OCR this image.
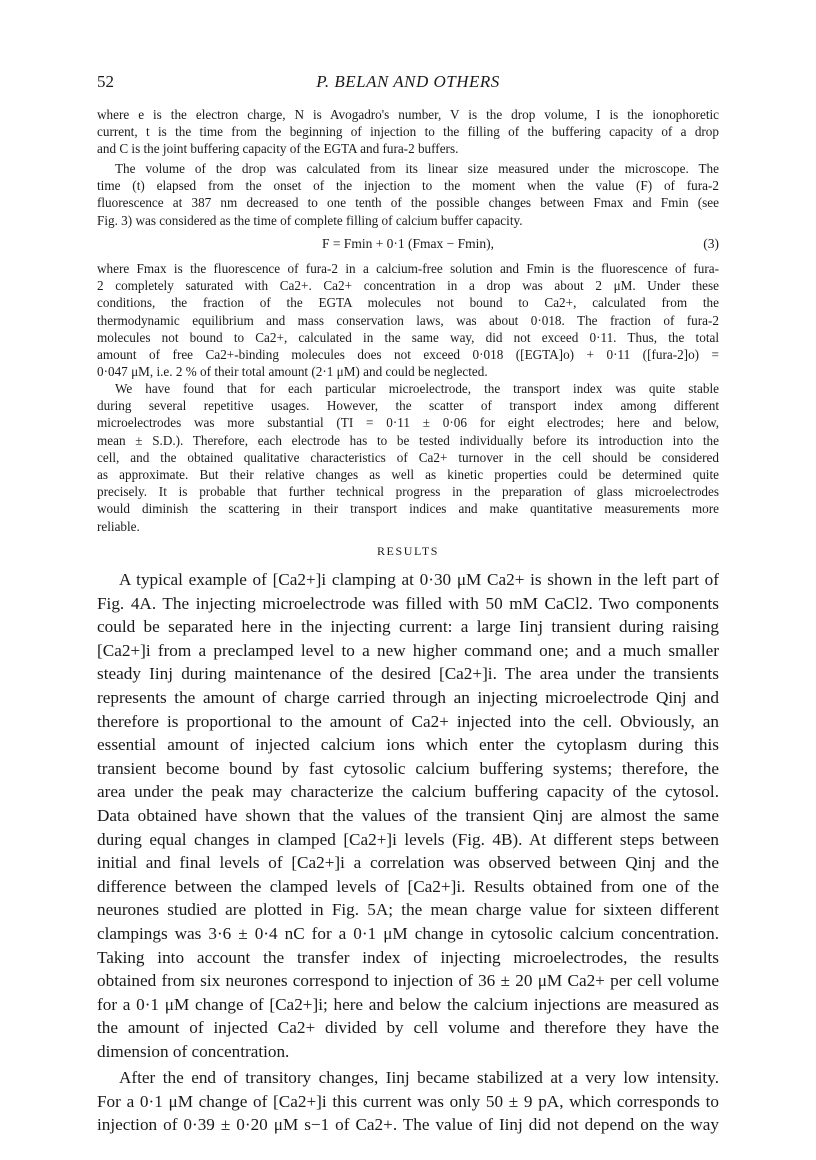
52	P. BELAN AND OTHERS
where e is the electron charge, N is Avogadro's number, V is the drop volume, I is the ionophoretic
current, t is the time from the beginning of injection to the filling of the buffering capacity of a drop
and C is the joint buffering capacity of the EGTA and fura-2 buffers.
The volume of the drop was calculated from its linear size measured under the microscope. The
time (t) elapsed from the onset of the injection to the moment when the value (F) of fura-2
fluorescence at 387 nm decreased to one tenth of the possible changes between Fmax and Fmin (see
Fig. 3) was considered as the time of complete filling of calcium buffer capacity.
F = Fmin + 0·1 (Fmax − Fmin),	(3)
where Fmax is the fluorescence of fura-2 in a calcium-free solution and Fmin is the fluorescence of fura-
2 completely saturated with Ca2+. Ca2+ concentration in a drop was about 2 μM. Under these
conditions, the fraction of the EGTA molecules not bound to Ca2+, calculated from the
thermodynamic equilibrium and mass conservation laws, was about 0·018. The fraction of fura-2
molecules not bound to Ca2+, calculated in the same way, did not exceed 0·11. Thus, the total
amount of free Ca2+-binding molecules does not exceed 0·018 ([EGTA]o) + 0·11 ([fura-2]o) =
0·047 μM, i.e. 2 % of their total amount (2·1 μM) and could be neglected.
We have found that for each particular microelectrode, the transport index was quite stable
during several repetitive usages. However, the scatter of transport index among different
microelectrodes was more substantial (TI = 0·11 ± 0·06 for eight electrodes; here and below,
mean ± S.D.). Therefore, each electrode has to be tested individually before its introduction into the
cell, and the obtained qualitative characteristics of Ca2+ turnover in the cell should be considered
as approximate. But their relative changes as well as kinetic properties could be determined quite
precisely. It is probable that further technical progress in the preparation of glass microelectrodes
would diminish the scattering in their transport indices and make quantitative measurements more
reliable.
RESULTS
A typical example of [Ca2+]i clamping at 0·30 μM Ca2+ is shown in the left part of
Fig. 4A. The injecting microelectrode was filled with 50 mM CaCl2. Two components
could be separated here in the injecting current: a large Iinj transient during raising
[Ca2+]i from a preclamped level to a new higher command one; and a much smaller
steady Iinj during maintenance of the desired [Ca2+]i. The area under the transients
represents the amount of charge carried through an injecting microelectrode Qinj and
therefore is proportional to the amount of Ca2+ injected into the cell. Obviously, an
essential amount of injected calcium ions which enter the cytoplasm during this
transient become bound by fast cytosolic calcium buffering systems; therefore, the
area under the peak may characterize the calcium buffering capacity of the cytosol.
Data obtained have shown that the values of the transient Qinj are almost the same
during equal changes in clamped [Ca2+]i levels (Fig. 4B). At different steps between
initial and final levels of [Ca2+]i a correlation was observed between Qinj and the
difference between the clamped levels of [Ca2+]i. Results obtained from one of the
neurones studied are plotted in Fig. 5A; the mean charge value for sixteen different
clampings was 3·6 ± 0·4 nC for a 0·1 μM change in cytosolic calcium concentration.
Taking into account the transfer index of injecting microelectrodes, the results
obtained from six neurones correspond to injection of 36 ± 20 μM Ca2+ per cell volume
for a 0·1 μM change of [Ca2+]i; here and below the calcium injections are measured as
the amount of injected Ca2+ divided by cell volume and therefore they have the
dimension of concentration.
After the end of transitory changes, Iinj became stabilized at a very low intensity.
For a 0·1 μM change of [Ca2+]i this current was only 50 ± 9 pA, which corresponds to
injection of 0·39 ± 0·20 μM s−1 of Ca2+. The value of Iinj did not depend on the way
